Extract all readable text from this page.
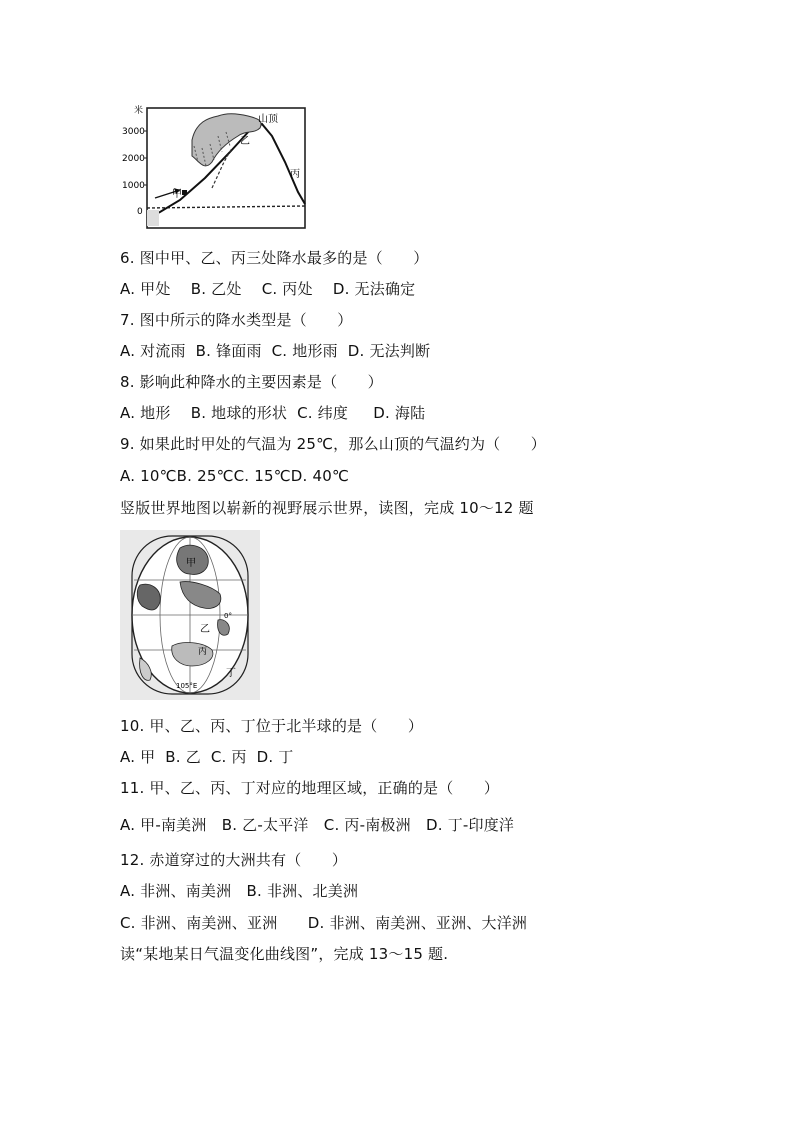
米
3000
2000
1000
0
甲
乙
山顶
丙
6. 图中甲、乙、丙三处降水最多的是（　　）
A. 甲处　 B. 乙处　 C. 丙处　 D. 无法确定
7. 图中所示的降水类型是（　　）
A. 对流雨  B. 锋面雨  C. 地形雨  D. 无法判断
8. 影响此种降水的主要因素是（　　）
A. 地形　 B. 地球的形状  C. 纬度　  D. 海陆
9. 如果此时甲处的气温为 25℃，那么山顶的气温约为（　　）
A. 10℃B. 25℃C. 15℃D. 40℃
竖版世界地图以崭新的视野展示世界，读图，完成 10～12 题
甲
乙
丙
丁
0°
105°E
10. 甲、乙、丙、丁位于北半球的是（　　）
A. 甲  B. 乙  C. 丙  D. 丁
11. 甲、乙、丙、丁对应的地理区域，正确的是（　　）
A. 甲-南美洲　B. 乙-太平洋　C. 丙-南极洲　D. 丁-印度洋
12. 赤道穿过的大洲共有（　　）
A. 非洲、南美洲　B. 非洲、北美洲
C. 非洲、南美洲、亚洲　　D. 非洲、南美洲、亚洲、大洋洲
读“某地某日气温变化曲线图”，完成 13～15 题.
